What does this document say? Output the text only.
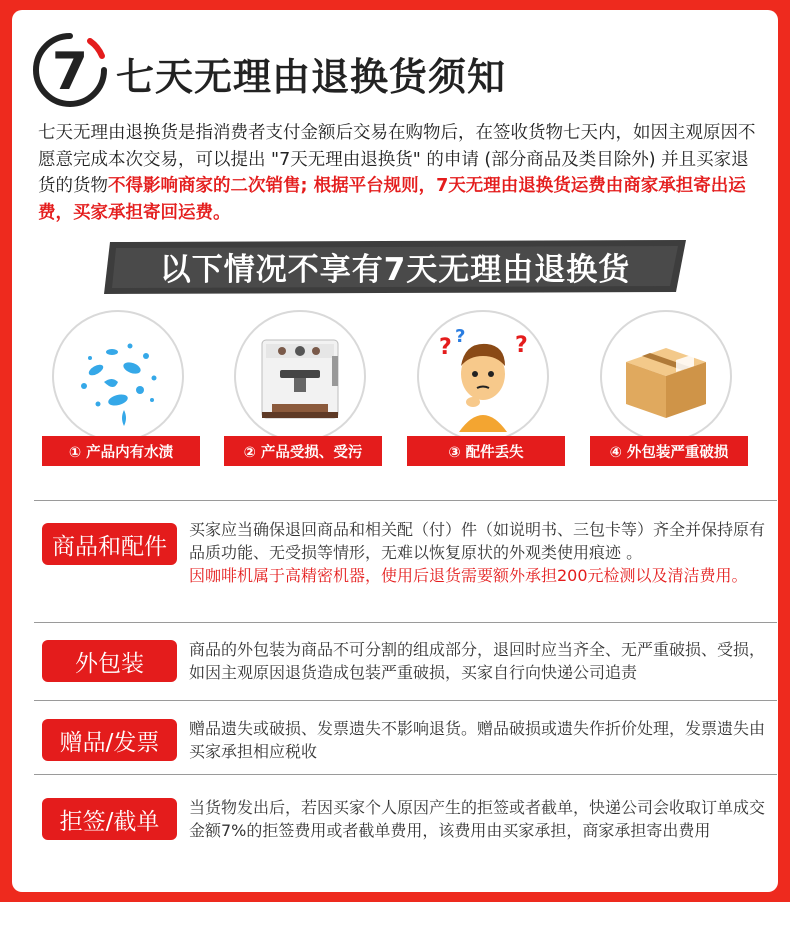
7 七天无理由退换货须知
七天无理由退换货是指消费者支付金额后交易在购物后，在签收货物七天内，如因主观原因不愿意完成本次交易，可以提出 "7天无理由退换货" 的申请 (部分商品及类目除外) 并且买家退货的货物不得影响商家的二次销售; 根据平台规则，7天无理由退换货运费由商家承担寄出运费，买家承担寄回运费。
以下情况不享有7天无理由退换货
① 产品内有水渍	② 产品受损、受污
? ? ?
③ 配件丢失	④ 外包装严重破损
商品和配件
买家应当确保退回商品和相关配（付）件（如说明书、三包卡等）齐全并保持原有品质功能、无受损等情形，无难以恢复原状的外观类使用痕迹 。
因咖啡机属于高精密机器，使用后退货需要额外承担200元检测以及清洁费用。
外包装
商品的外包装为商品不可分割的组成部分，退回时应当齐全、无严重破损、受损，如因主观原因退货造成包装严重破损，买家自行向快递公司追责
赠品/发票
赠品遗失或破损、发票遗失不影响退货。赠品破损或遗失作折价处理，发票遗失由买家承担相应税收
拒签/截单
当货物发出后，若因买家个人原因产生的拒签或者截单，快递公司会收取订单成交金额7%的拒签费用或者截单费用，该费用由买家承担，商家承担寄出费用
